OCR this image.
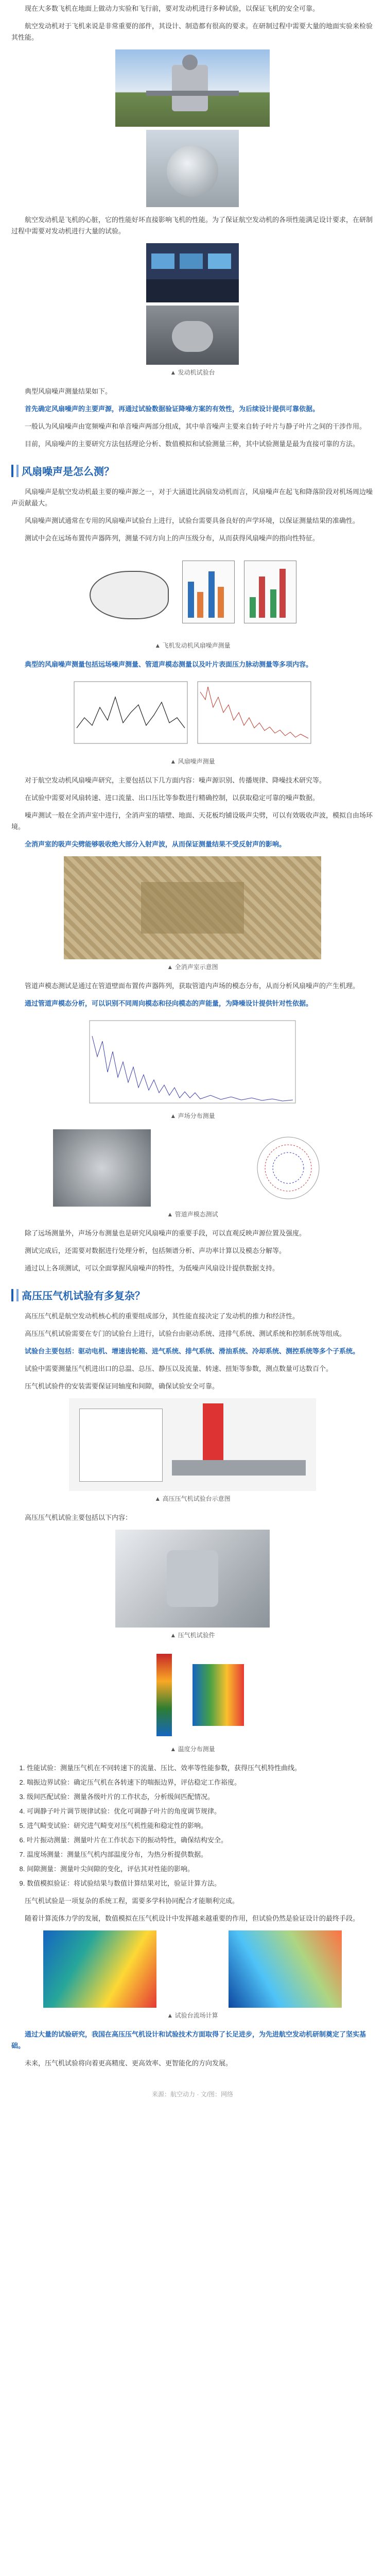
现在大多数飞机在地面上做动力实验和飞行前，要对发动机进行多种试验，以保证飞机的安全可靠。

航空发动机对于飞机来说是非常重要的部件，其设计、制造都有很高的要求。在研制过程中需要大量的地面实验来检验其性能。

航空发动机是飞机的心脏，它的性能好坏直接影响飞机的性能。为了保证航空发动机的各项性能满足设计要求，在研制过程中需要对发动机进行大量的试验。

▲ 发动机试验台

典型风扇噪声测量结果如下。

首先确定风扇噪声的主要声源，再通过试验数据验证降噪方案的有效性，为后续设计提供可靠依据。

一般认为风扇噪声由宽频噪声和单音噪声两部分组成，其中单音噪声主要来自转子叶片与静子叶片之间的干涉作用。

目前，风扇噪声的主要研究方法包括理论分析、数值模拟和试验测量三种，其中试验测量是最为直接可靠的方法。

风扇噪声是怎么测？

风扇噪声是航空发动机最主要的噪声源之一，对于大涵道比涡扇发动机而言，风扇噪声在起飞和降落阶段对机场周边噪声贡献最大。

风扇噪声测试通常在专用的风扇噪声试验台上进行，试验台需要具备良好的声学环境，以保证测量结果的准确性。

测试中会在远场布置传声器阵列，测量不同方向上的声压级分布，从而获得风扇噪声的指向性特征。

▲ 飞机发动机风扇噪声测量

典型的风扇噪声测量包括远场噪声测量、管道声模态测量以及叶片表面压力脉动测量等多项内容。

▲ 风扇噪声测量

对于航空发动机风扇噪声研究，主要包括以下几方面内容：噪声源识别、传播规律、降噪技术研究等。

在试验中需要对风扇转速、进口流量、出口压比等参数进行精确控制，以获取稳定可靠的噪声数据。

噪声测试一般在全消声室中进行，全消声室的墙壁、地面、天花板均铺设吸声尖劈，可以有效吸收声波，模拟自由场环境。

全消声室的吸声尖劈能够吸收绝大部分入射声波，从而保证测量结果不受反射声的影响。

▲ 全消声室示意图

管道声模态测试是通过在管道壁面布置传声器阵列，获取管道内声场的模态分布，从而分析风扇噪声的产生机理。

通过管道声模态分析，可以识别不同周向模态和径向模态的声能量，为降噪设计提供针对性依据。

▲ 声场分布测量
▲ 管道声模态测试

除了远场测量外，声场分布测量也是研究风扇噪声的重要手段，可以直观反映声源位置及强度。

测试完成后，还需要对数据进行处理分析，包括频谱分析、声功率计算以及模态分解等。

通过以上各项测试，可以全面掌握风扇噪声的特性，为低噪声风扇设计提供数据支持。

高压压气机试验有多复杂？

高压压气机是航空发动机核心机的重要组成部分，其性能直接决定了发动机的推力和经济性。

高压压气机试验需要在专门的试验台上进行，试验台由驱动系统、进排气系统、测试系统和控制系统等组成。

试验台主要包括：驱动电机、增速齿轮箱、进气系统、排气系统、滑油系统、冷却系统、测控系统等多个子系统。

试验中需要测量压气机进出口的总温、总压、静压以及流量、转速、扭矩等参数，测点数量可达数百个。

压气机试验件的安装需要保证同轴度和间隙，确保试验安全可靠。

▲ 高压压气机试验台示意图

高压压气机试验主要包括以下内容：

▲ 压气机试验件
▲ 温度分布测量
1. 性能试验：测量压气机在不同转速下的流量、压比、效率等性能参数，获得压气机特性曲线。
2. 喘振边界试验：确定压气机在各转速下的喘振边界，评估稳定工作裕度。
3. 级间匹配试验：测量各级叶片的工作状态，分析级间匹配情况。
4. 可调静子叶片调节规律试验：优化可调静子叶片的角度调节规律。
5. 进气畸变试验：研究进气畸变对压气机性能和稳定性的影响。
6. 叶片振动测量：测量叶片在工作状态下的振动特性，确保结构安全。
7. 温度场测量：测量压气机内部温度分布，为热分析提供数据。
8. 间隙测量：测量叶尖间隙的变化，评估其对性能的影响。
9. 数值模拟验证：将试验结果与数值计算结果对比，验证计算方法。

压气机试验是一项复杂的系统工程，需要多学科协同配合才能顺利完成。

随着计算流体力学的发展，数值模拟在压气机设计中发挥越来越重要的作用，但试验仍然是验证设计的最终手段。

▲ 试验台流场计算

通过大量的试验研究，我国在高压压气机设计和试验技术方面取得了长足进步，为先进航空发动机研制奠定了坚实基础。

未来，压气机试验将向着更高精度、更高效率、更智能化的方向发展。

来源：航空动力 · 文/图：网络
